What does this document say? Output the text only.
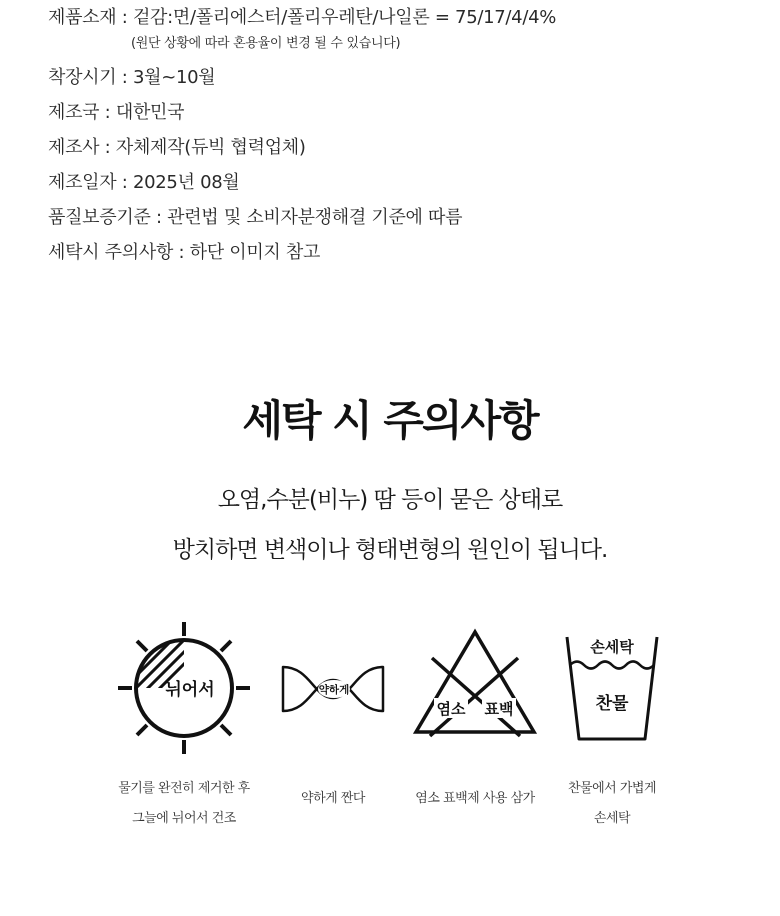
제품소재 : 겉감:면/폴리에스터/폴리우레탄/나일론 = 75/17/4/4%
(원단 상황에 따라 혼용율이 변경 될 수 있습니다)
착장시기 : 3월~10월
제조국 : 대한민국
제조사 : 자체제작(듀빅 협력업체)
제조일자 : 2025년 08월
품질보증기준 : 관련법 및 소비자분쟁해결 기준에 따름
세탁시 주의사항 : 하단 이미지 참고
세탁 시 주의사항
오염,수분(비누) 땀 등이 묻은 상태로
방치하면 변색이나 형태변형의 원인이 됩니다.
뉘어서	약하게
염소 표백
손세탁
찬물
물기를 완전히 제거한 후
그늘에 뉘어서 건조
약하게 짠다	염소 표백제 사용 삼가
찬물에서 가볍게
손세탁
